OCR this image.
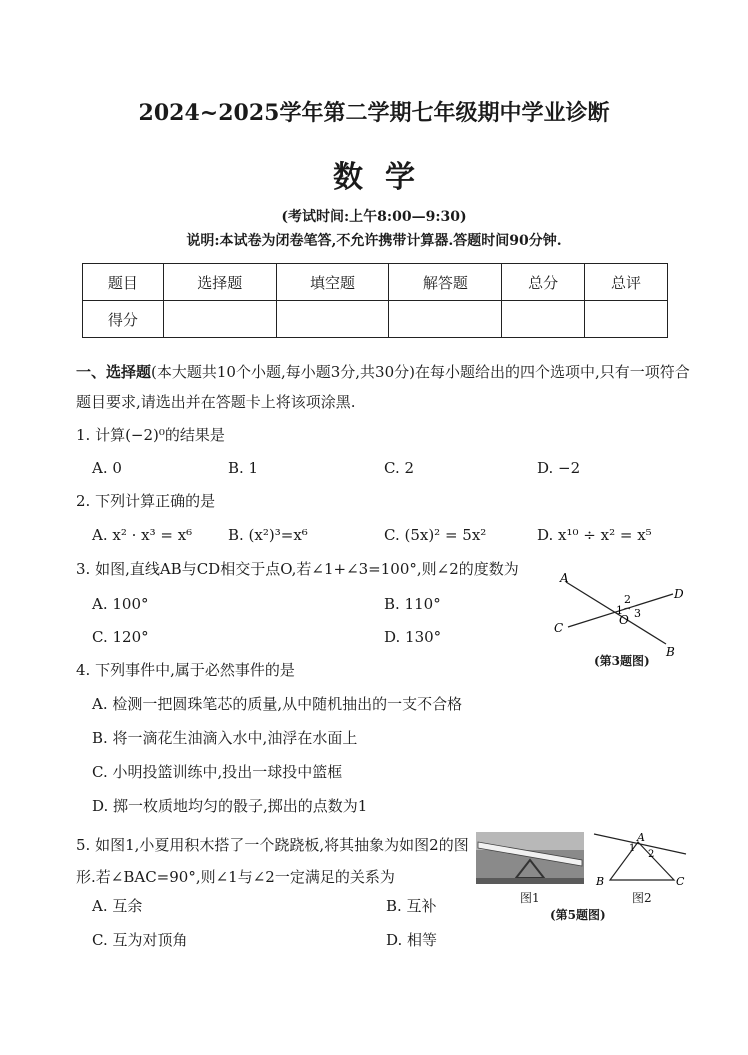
2024~2025学年第二学期七年级期中学业诊断
数学
(考试时间:上午8:00—9:30)
说明:本试卷为闭卷笔答,不允许携带计算器.答题时间90分钟.
题目	选择题	填空题	解答题	总分	总评
得分					
一、选择题(本大题共10个小题,每小题3分,共30分)在每小题给出的四个选项中,只有一项符合题目要求,请选出并在答题卡上将该项涂黑.
1. 计算(−2)⁰的结果是
A. 0	B. 1	C. 2	D. −2
2. 下列计算正确的是
A. x² · x³ = x⁶ B. (x²)³=x⁶	C. (5x)² = 5x²	D. x¹⁰ ÷ x² = x⁵
3. 如图,直线AB与CD相交于点O,若∠1+∠3=100°,则∠2的度数为
A. 100°	B. 110°
C. 120°	D. 130°
A
B
C
D
O
1
2
3
(第3题图)
4. 下列事件中,属于必然事件的是
A. 检测一把圆珠笔芯的质量,从中随机抽出的一支不合格
B. 将一滴花生油滴入水中,油浮在水面上
C. 小明投篮训练中,投出一球投中篮框
D. 掷一枚质地均匀的骰子,掷出的点数为1
5. 如图1,小夏用积木搭了一个跷跷板,将其抽象为如图2的图形.若∠BAC=90°,则∠1与∠2一定满足的关系为
A. 互余	B. 互补
C. 互为对顶角	D. 相等
图1
A
B	C
1
2
图2
(第5题图)
